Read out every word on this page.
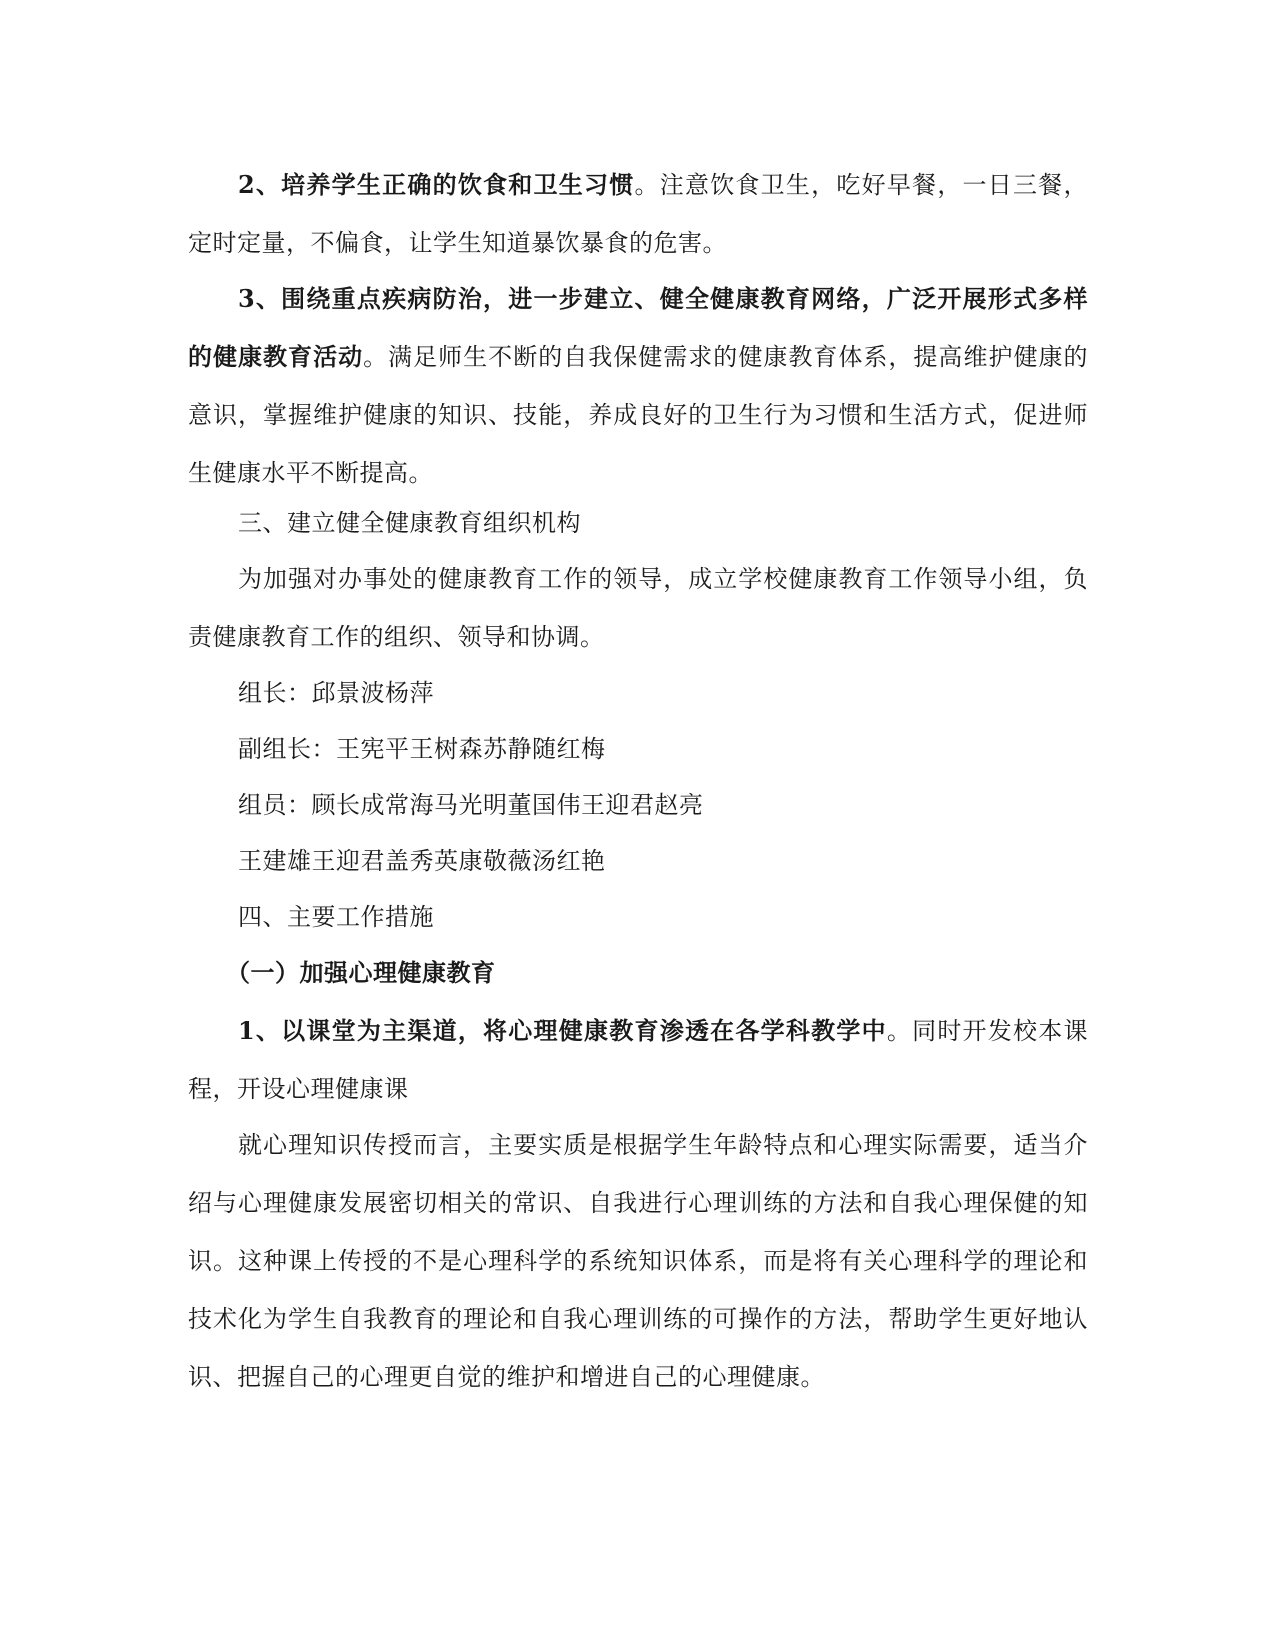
2、培养学生正确的饮食和卫生习惯。注意饮食卫生，吃好早餐，一日三餐，定时定量，不偏食，让学生知道暴饮暴食的危害。

3、围绕重点疾病防治，进一步建立、健全健康教育网络，广泛开展形式多样的健康教育活动。满足师生不断的自我保健需求的健康教育体系，提高维护健康的意识，掌握维护健康的知识、技能，养成良好的卫生行为习惯和生活方式，促进师生健康水平不断提高。

三、建立健全健康教育组织机构

为加强对办事处的健康教育工作的领导，成立学校健康教育工作领导小组，负责健康教育工作的组织、领导和协调。

组长：邱景波杨萍

副组长：王宪平王树森苏静随红梅

组员：顾长成常海马光明董国伟王迎君赵亮

王建雄王迎君盖秀英康敬薇汤红艳

四、主要工作措施

（一）加强心理健康教育

1、以课堂为主渠道，将心理健康教育渗透在各学科教学中。同时开发校本课程，开设心理健康课

就心理知识传授而言，主要实质是根据学生年龄特点和心理实际需要，适当介绍与心理健康发展密切相关的常识、自我进行心理训练的方法和自我心理保健的知识。这种课上传授的不是心理科学的系统知识体系，而是将有关心理科学的理论和技术化为学生自我教育的理论和自我心理训练的可操作的方法，帮助学生更好地认识、把握自己的心理更自觉的维护和增进自己的心理健康。
